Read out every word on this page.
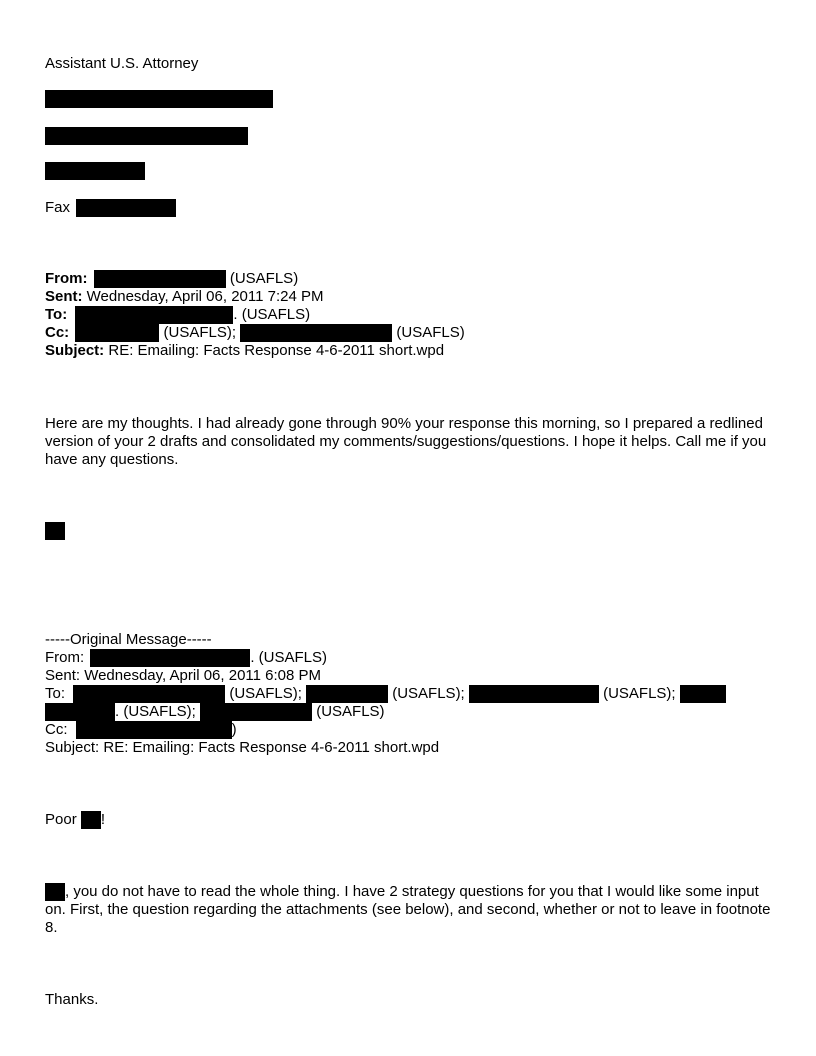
Assistant U.S. Attorney
Fax
From:	(USAFLS)
Sent: Wednesday, April 06, 2011 7:24 PM
To:	. (USAFLS)
Cc:	(USAFLS);	(USAFLS)
Subject: RE: Emailing: Facts Response 4-6-2011 short.wpd
Here are my thoughts. I had already gone through 90% your response this morning, so I prepared a redlined version of your 2 drafts and consolidated my comments/suggestions/questions. I hope it helps. Call me if you have any questions.
-----Original Message-----
From:	. (USAFLS)
Sent: Wednesday, April 06, 2011 6:08 PM
To:	(USAFLS);	(USAFLS);	(USAFLS);
. (USAFLS);	(USAFLS)
Cc:	)
Subject: RE: Emailing: Facts Response 4-6-2011 short.wpd
Poor !
, you do not have to read the whole thing. I have 2 strategy questions for you that I would like some input on. First, the question regarding the attachments (see below), and second, whether or not to leave in footnote 8.
Thanks.
